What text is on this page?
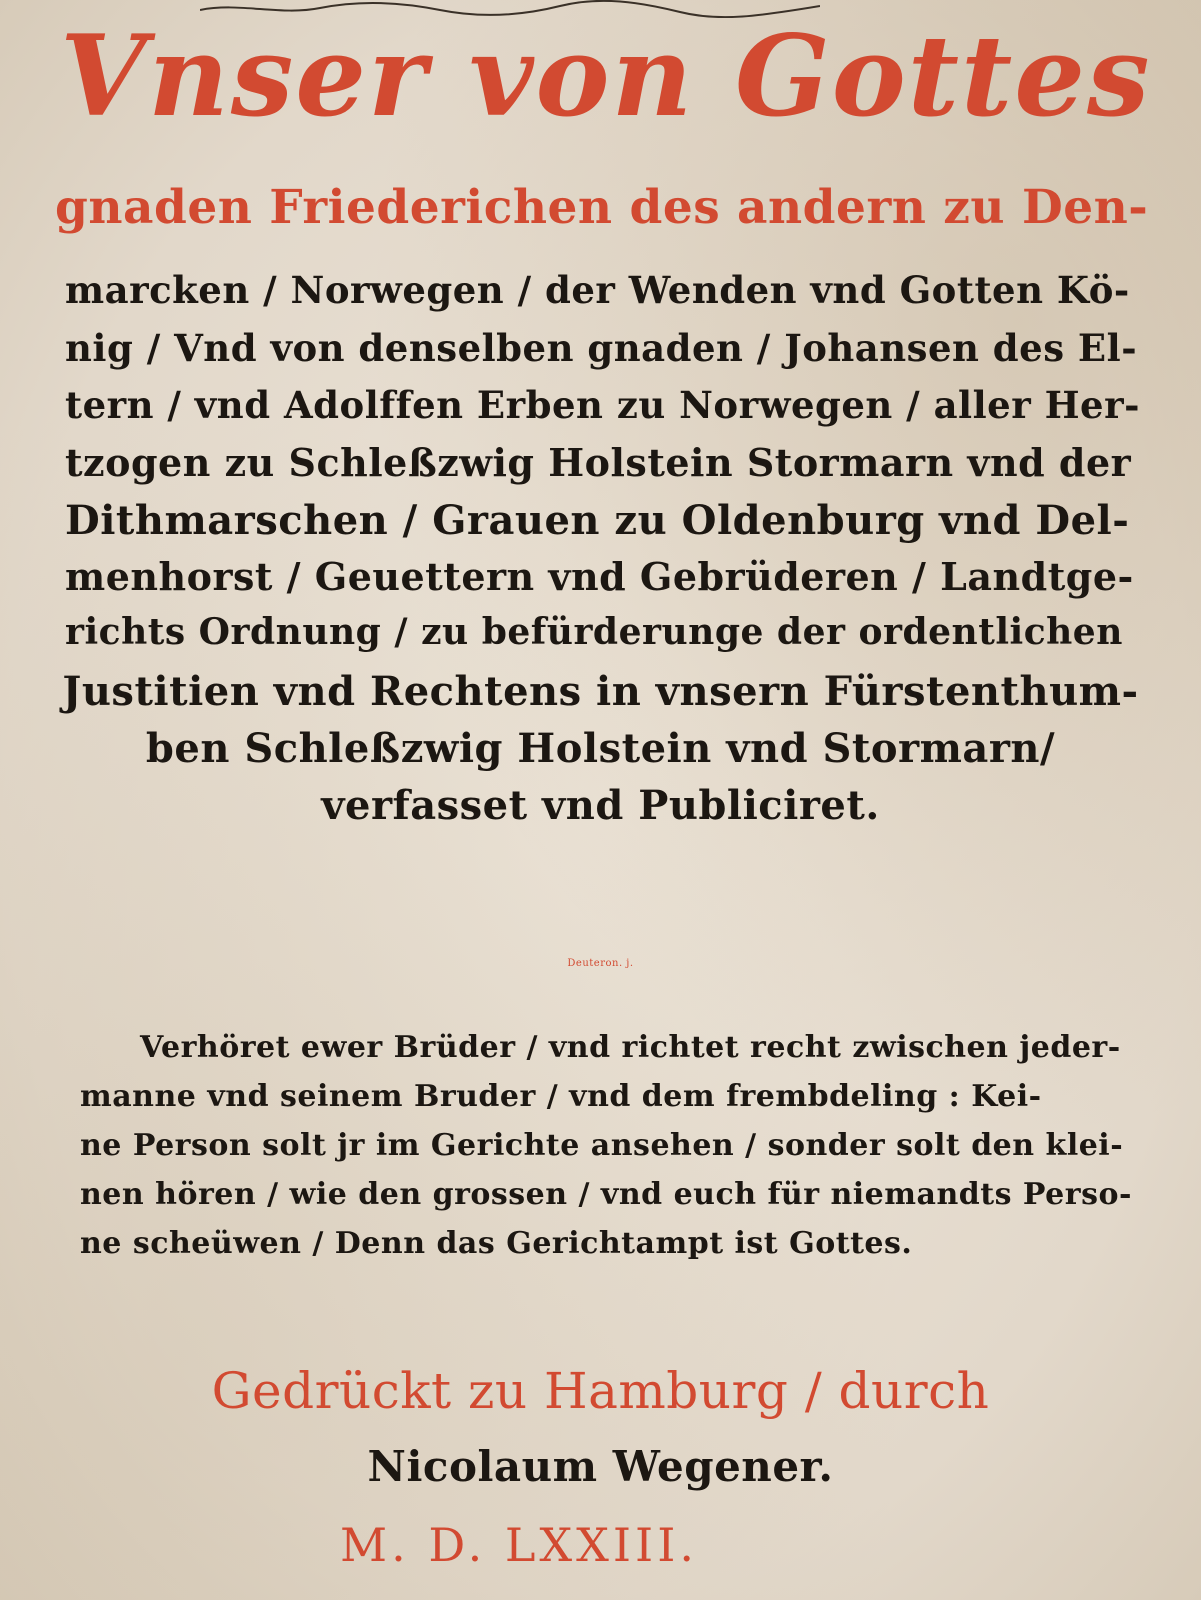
Vnser von Gottes
gnaden Friederichen des andern zu Den-
marcken / Norwegen / der Wenden vnd Gotten Kö-
nig / Vnd von denselben gnaden / Johansen des El-
tern / vnd Adolffen Erben zu Norwegen / aller Her-
tzogen zu Schleßzwig Holstein Stormarn vnd der
Dithmarschen / Grauen zu Oldenburg vnd Del-
menhorst / Geuettern vnd Gebrüderen / Landtge-
richts Ordnung / zu befürderunge der ordentlichen
Justitien vnd Rechtens in vnsern Fürstenthum-
ben Schleßzwig Holstein vnd Stormarn/
verfasset vnd Publiciret.
Deuteron. j.
Verhöret ewer Brüder / vnd richtet recht zwischen jeder-
manne vnd seinem Bruder / vnd dem frembdeling : Kei-
ne Person solt jr im Gerichte ansehen / sonder solt den klei-
nen hören / wie den grossen / vnd euch für niemandts Perso-
ne scheüwen / Denn das Gerichtampt ist Gottes.
Gedrückt zu Hamburg / durch
Nicolaum Wegener.
M. D. LXXIII.
